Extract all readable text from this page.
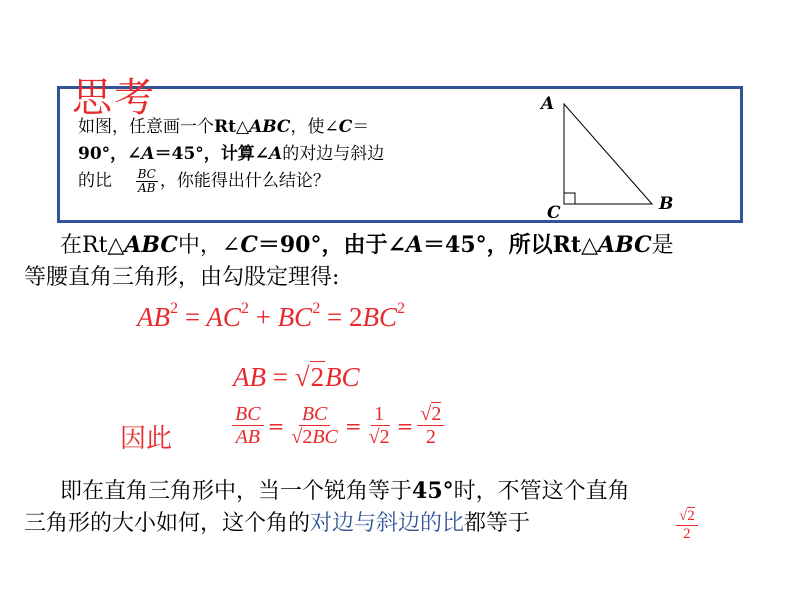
思考
如图，任意画一个Rt△ABC，使∠C＝
90°，∠A＝45°，计算∠A的对边与斜边
的比 $\frac{BC}{AB}$ ，你能得出什么结论？
A
B
C
在Rt△ABC中，∠C＝90°，由于∠A＝45°，所以Rt△ABC是
等腰直角三角形，由勾股定理得:
$AB^2 = AC^2 + BC^2 = 2BC^2$
AB = √2BC
因此	$\frac{BC}{AB} = \frac{BC}{√2BC} = \frac{1}{√2} = \frac{√2}{2}$
即在直角三角形中，当一个锐角等于45°时，不管这个直角
三角形的大小如何，这个角的对边与斜边的比都等于	$\frac{√2}{2}$
